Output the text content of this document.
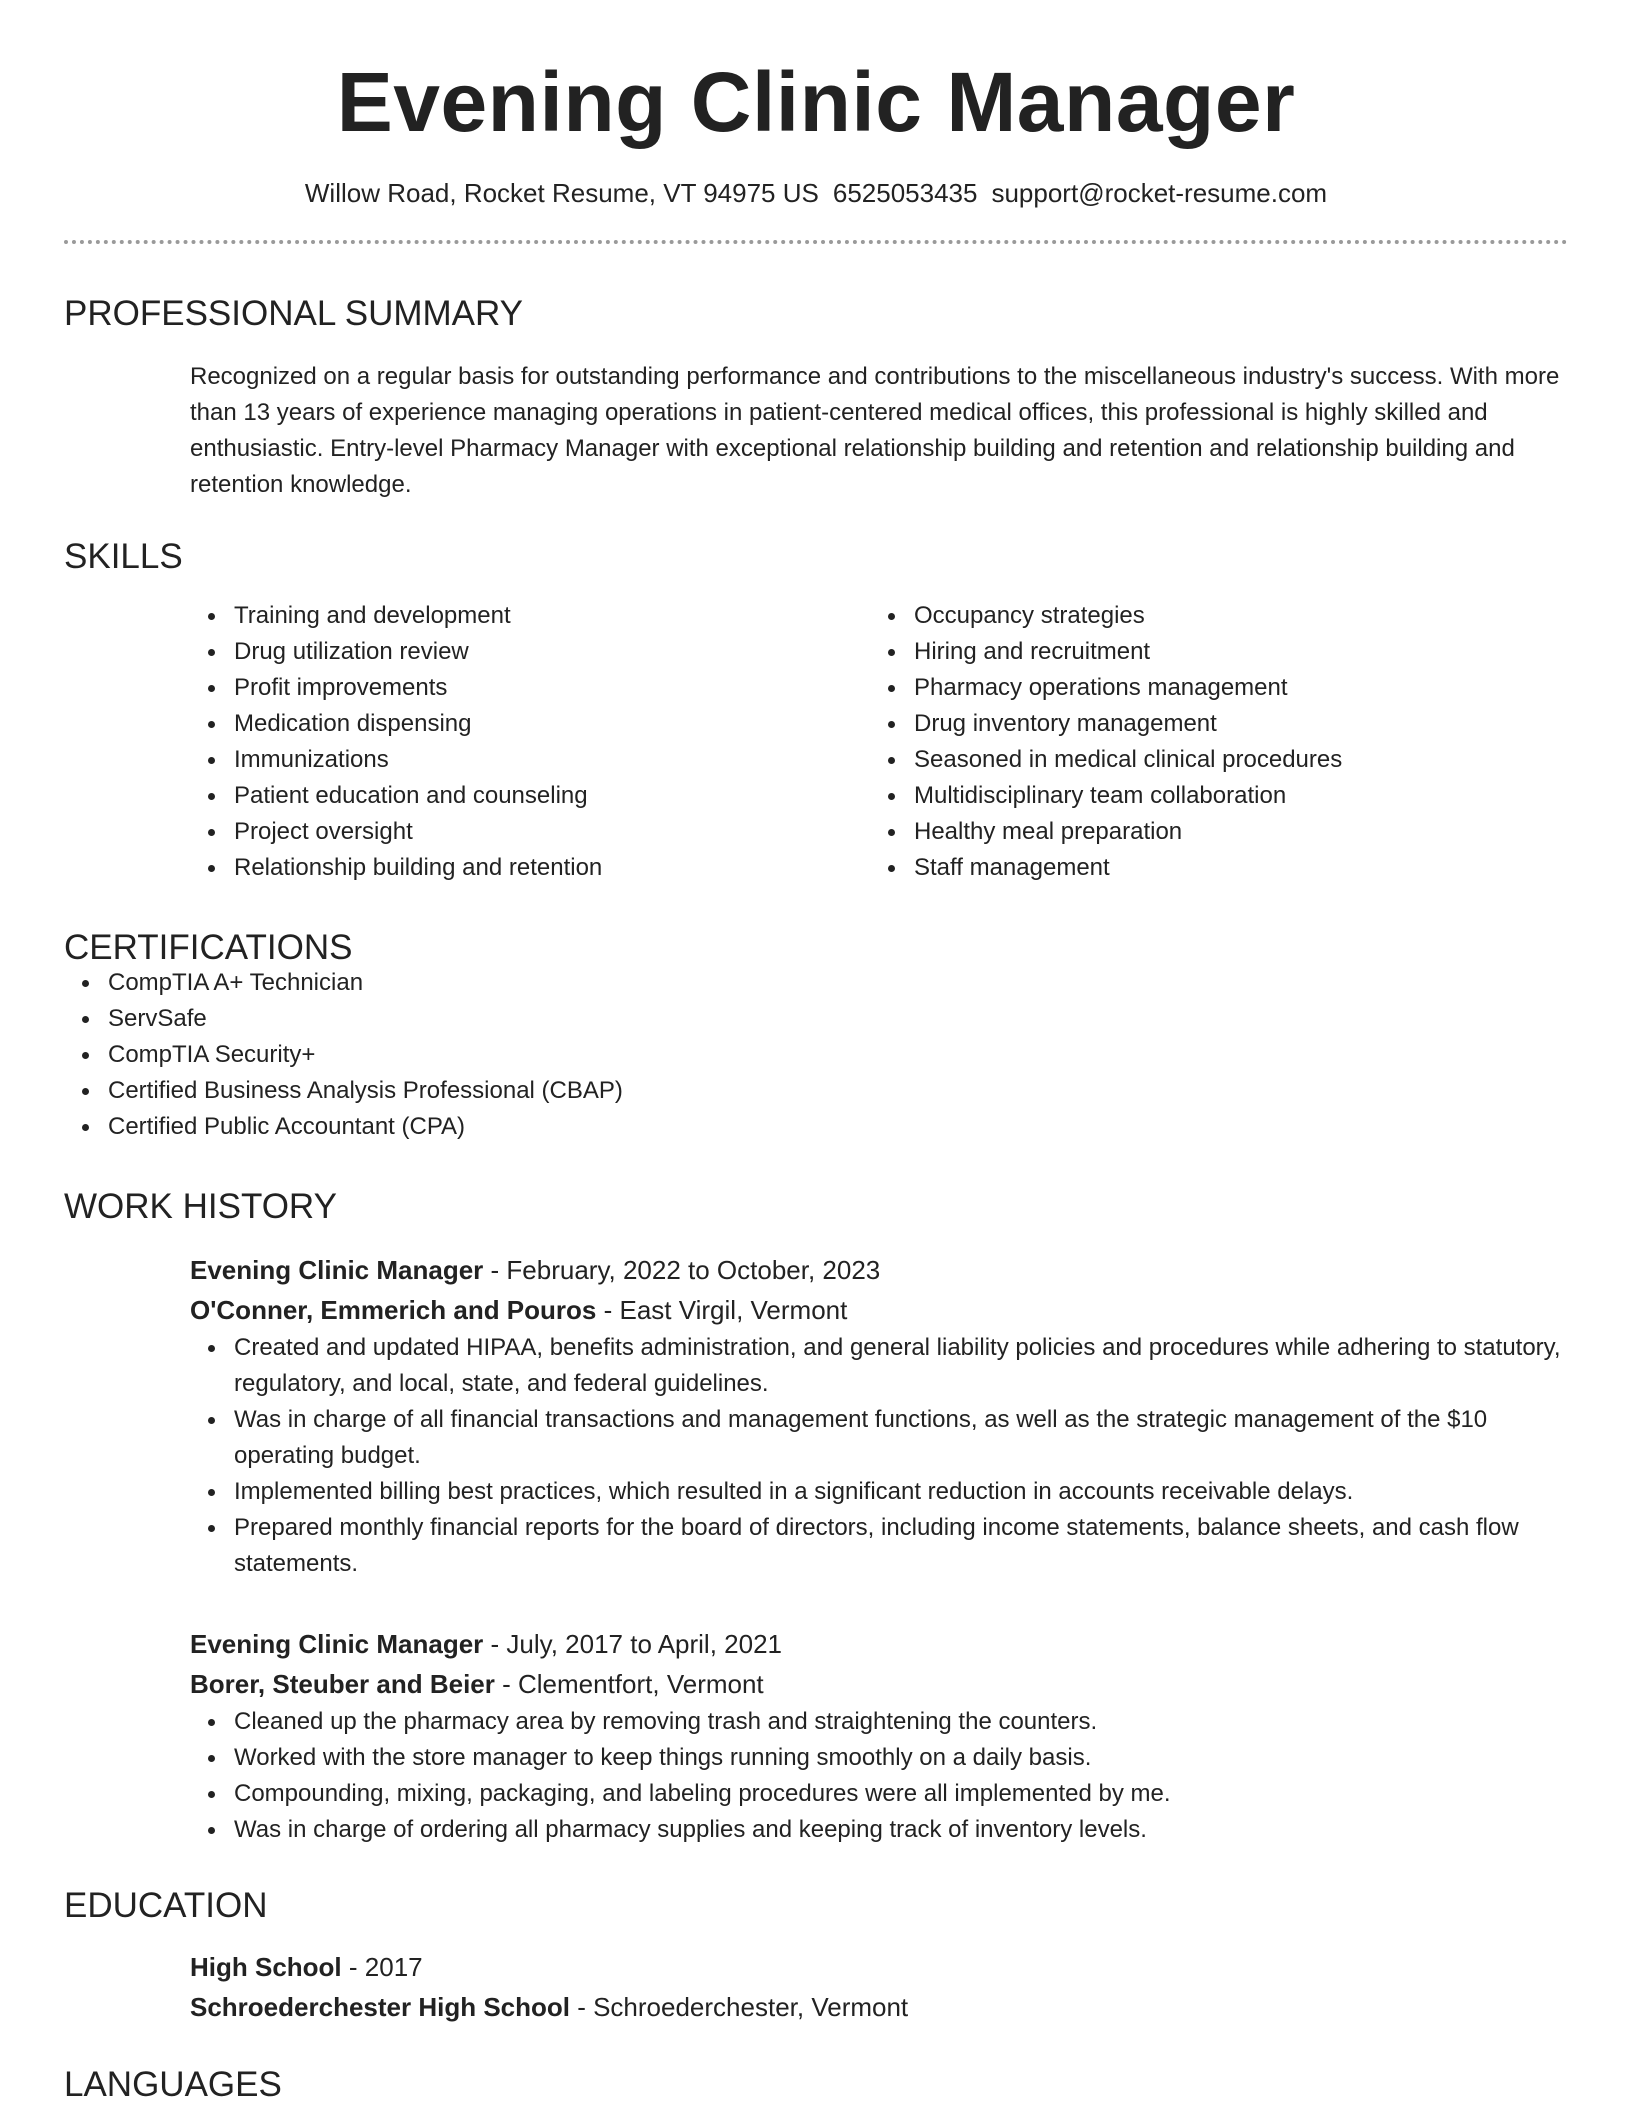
Evening Clinic Manager
Willow Road, Rocket Resume, VT 94975 US 6525053435 support@rocket-resume.com
PROFESSIONAL SUMMARY

Recognized on a regular basis for outstanding performance and contributions to the miscellaneous industry's success. With more than 13 years of experience managing operations in patient-centered medical offices, this professional is highly skilled and enthusiastic. Entry-level Pharmacy Manager with exceptional relationship building and retention and relationship building and retention knowledge.

SKILLS
Training and development
Drug utilization review
Profit improvements
Medication dispensing
Immunizations
Patient education and counseling
Project oversight
Relationship building and retention
Occupancy strategies
Hiring and recruitment
Pharmacy operations management
Drug inventory management
Seasoned in medical clinical procedures
Multidisciplinary team collaboration
Healthy meal preparation
Staff management
CERTIFICATIONS
CompTIA A+ Technician
ServSafe
CompTIA Security+
Certified Business Analysis Professional (CBAP)
Certified Public Accountant (CPA)
WORK HISTORY
Evening Clinic Manager - February, 2022 to October, 2023
O'Conner, Emmerich and Pouros - East Virgil, Vermont
Created and updated HIPAA, benefits administration, and general liability policies and procedures while adhering to statutory, regulatory, and local, state, and federal guidelines.
Was in charge of all financial transactions and management functions, as well as the strategic management of the $10 operating budget.
Implemented billing best practices, which resulted in a significant reduction in accounts receivable delays.
Prepared monthly financial reports for the board of directors, including income statements, balance sheets, and cash flow statements.
Evening Clinic Manager - July, 2017 to April, 2021
Borer, Steuber and Beier - Clementfort, Vermont
Cleaned up the pharmacy area by removing trash and straightening the counters.
Worked with the store manager to keep things running smoothly on a daily basis.
Compounding, mixing, packaging, and labeling procedures were all implemented by me.
Was in charge of ordering all pharmacy supplies and keeping track of inventory levels.
EDUCATION
High School - 2017
Schroederchester High School - Schroederchester, Vermont
LANGUAGES
